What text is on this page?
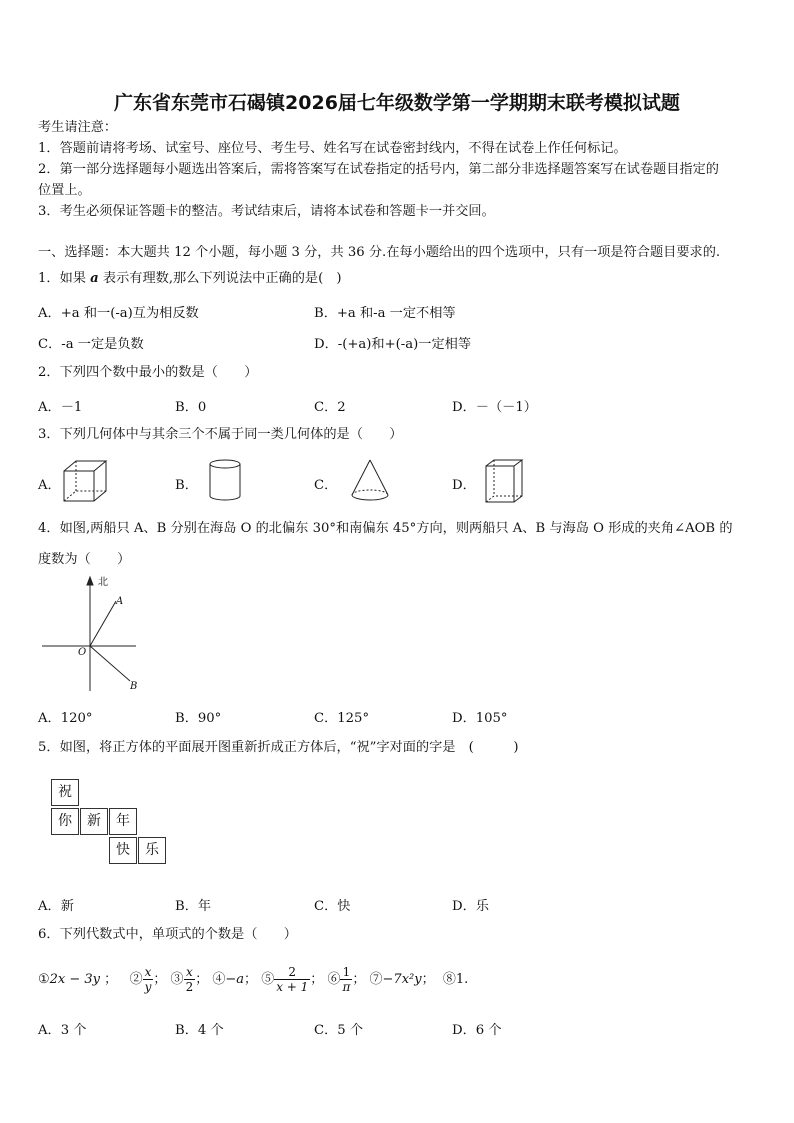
广东省东莞市石碣镇2026届七年级数学第一学期期末联考模拟试题
考生请注意：
1．答题前请将考场、试室号、座位号、考生号、姓名写在试卷密封线内，不得在试卷上作任何标记。
2．第一部分选择题每小题选出答案后，需将答案写在试卷指定的括号内，第二部分非选择题答案写在试卷题目指定的
位置上。
3．考生必须保证答题卡的整洁。考试结束后，请将本试卷和答题卡一并交回。
一、选择题：本大题共 12 个小题，每小题 3 分，共 36 分.在每小题给出的四个选项中，只有一项是符合题目要求的.
1．如果 a 表示有理数,那么下列说法中正确的是(　)
A．+a 和一(-a)互为相反数	B．+a 和-a 一定不相等
C．-a 一定是负数	D．-(+a)和+(-a)一定相等
2．下列四个数中最小的数是（　　）
A．－1	B．0	C．2	D．－（－1）
3．下列几何体中与其余三个不属于同一类几何体的是（　　）
A．	B．	C．	D．
4．如图,两船只 A、B 分别在海岛 O 的北偏东 30°和南偏东 45°方向，则两船只 A、B 与海岛 O 形成的夹角∠AOB 的
度数为（　　）
北
A
O
B
A．120°	B．90°	C．125°	D．105°
5．如图，将正方体的平面展开图重新折成正方体后，“祝”字对面的字是　(　　　)
祝
你	新	年
快	乐
A．新	B．年	C．快	D．乐
6．下列代数式中，单项式的个数是（　　）
①2x − 3y ； ② $\frac{x}{y}$ ； ③ $\frac{x}{2}$ ； ④−a； ⑤ $\frac{2}{x + 1}$ ； ⑥ $\frac{1}{\pi}$ ； ⑦−7x²y； ⑧1.
A．3 个	B．4 个	C．5 个	D．6 个
